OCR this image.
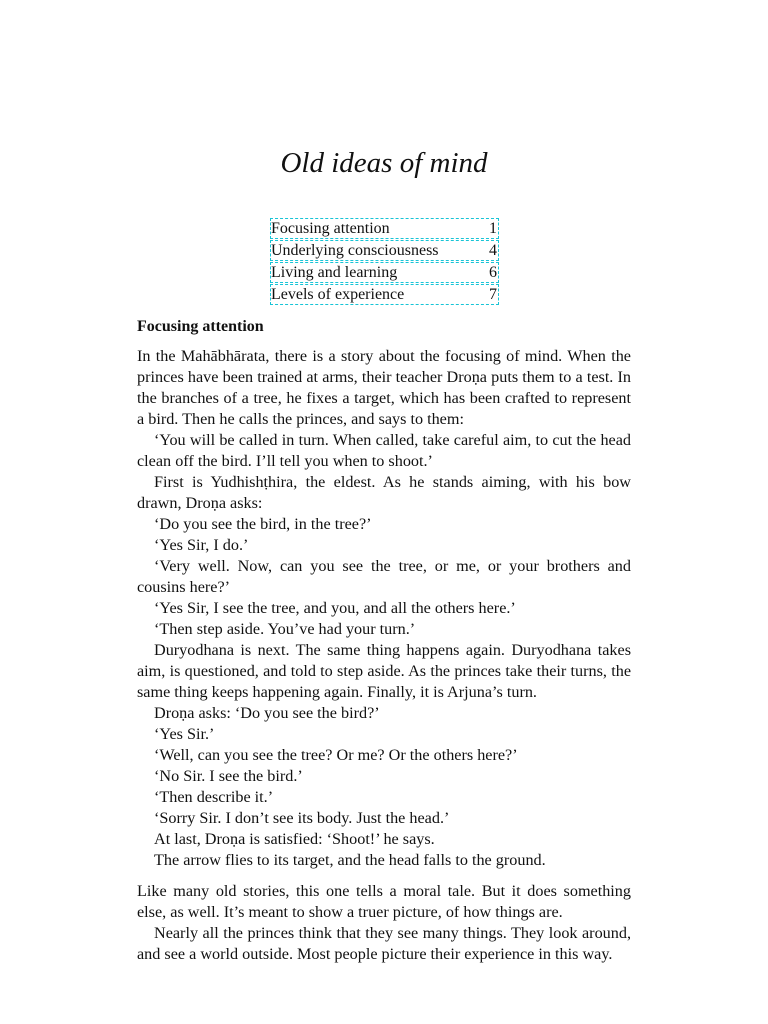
Old ideas of mind
Focusing attention	1
Underlying consciousness	4
Living and learning	6
Levels of experience	7
Focusing attention

In the Mahābhārata, there is a story about the focusing of mind. When the princes have been trained at arms, their teacher Droṇa puts them to a test. In the branches of a tree, he fixes a target, which has been crafted to represent a bird. Then he calls the princes, and says to them:

‘You will be called in turn. When called, take careful aim, to cut the head clean off the bird. I’ll tell you when to shoot.’

First is Yudhishṭhira, the eldest. As he stands aiming, with his bow drawn, Droṇa asks:

‘Do you see the bird, in the tree?’

‘Yes Sir, I do.’

‘Very well. Now, can you see the tree, or me, or your brothers and cousins here?’

‘Yes Sir, I see the tree, and you, and all the others here.’

‘Then step aside. You’ve had your turn.’

Duryodhana is next. The same thing happens again. Duryodhana takes aim, is questioned, and told to step aside. As the princes take their turns, the same thing keeps happening again. Finally, it is Arjuna’s turn.

Droṇa asks: ‘Do you see the bird?’

‘Yes Sir.’

‘Well, can you see the tree? Or me? Or the others here?’

‘No Sir. I see the bird.’

‘Then describe it.’

‘Sorry Sir. I don’t see its body. Just the head.’

At last, Droṇa is satisfied: ‘Shoot!’ he says.

The arrow flies to its target, and the head falls to the ground.

Like many old stories, this one tells a moral tale. But it does something else, as well. It’s meant to show a truer picture, of how things are.

Nearly all the princes think that they see many things. They look around, and see a world outside. Most people picture their experience in this way.
